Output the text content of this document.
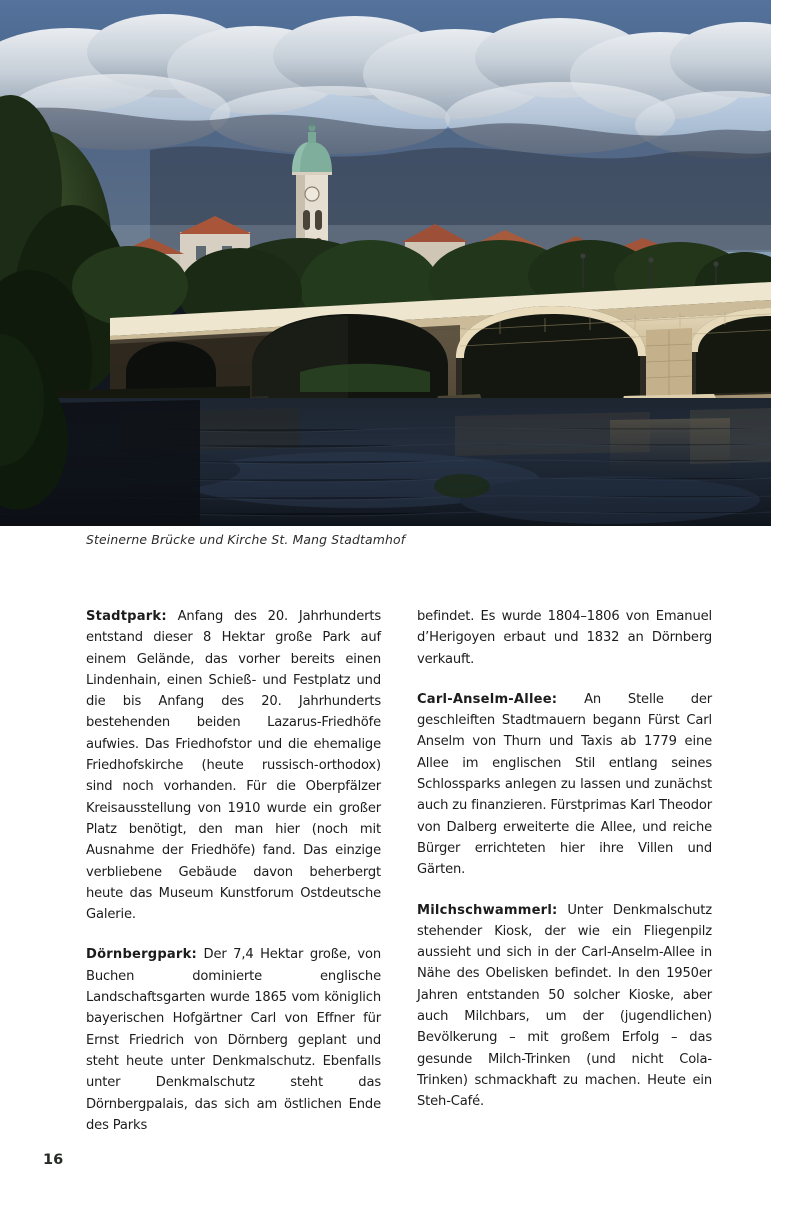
Steinerne Brücke und Kirche St. Mang Stadtamhof

Stadtpark: Anfang des 20. Jahrhunderts entstand dieser 8 Hektar große Park auf einem Gelände, das vorher bereits einen Lindenhain, einen Schieß- und Festplatz und die bis Anfang des 20. Jahrhunderts bestehenden beiden Lazarus-Friedhöfe aufwies. Das Friedhofstor und die ehemalige Friedhofskirche (heute russisch-orthodox) sind noch vorhanden. Für die Oberpfälzer Kreisausstellung von 1910 wurde ein großer Platz benötigt, den man hier (noch mit Ausnahme der Friedhöfe) fand. Das einzige verbliebene Gebäude davon beherbergt heute das Museum Kunstforum Ostdeutsche Galerie.

Dörnbergpark: Der 7,4 Hektar große, von Buchen dominierte englische Landschaftsgarten wurde 1865 vom königlich bayerischen Hofgärtner Carl von Effner für Ernst Friedrich von Dörnberg geplant und steht heute unter Denkmalschutz. Ebenfalls unter Denkmalschutz steht das Dörnbergpalais, das sich am östlichen Ende des Parks

befindet. Es wurde 1804–1806 von Emanuel d’Herigoyen erbaut und 1832 an Dörnberg verkauft.

Carl-Anselm-Allee: An Stelle der geschleiften Stadtmauern begann Fürst Carl Anselm von Thurn und Taxis ab 1779 eine Allee im englischen Stil entlang seines Schlossparks anlegen zu lassen und zunächst auch zu finanzieren. Fürstprimas Karl Theodor von Dalberg erweiterte die Allee, und reiche Bürger errichteten hier ihre Villen und Gärten.

Milchschwammerl: Unter Denkmalschutz stehender Kiosk, der wie ein Fliegenpilz aussieht und sich in der Carl-Anselm-Allee in Nähe des Obelisken befindet. In den 1950er Jahren entstanden 50 solcher Kioske, aber auch Milchbars, um der (jugendlichen) Bevölkerung – mit großem Erfolg – das gesunde Milch-Trinken (und nicht Cola-Trinken) schmackhaft zu machen. Heute ein Steh-Café.

16
